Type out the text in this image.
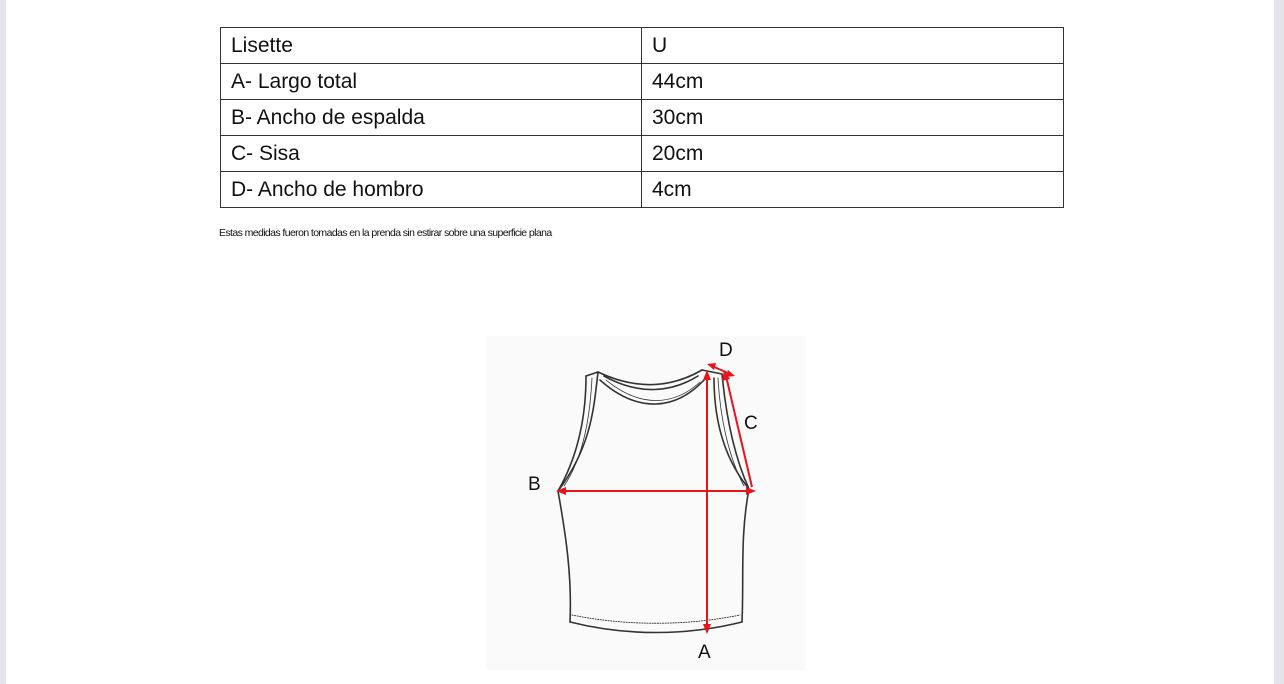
Lisette	U
A- Largo total	44cm
B- Ancho de espalda	30cm
C- Sisa	20cm
D- Ancho de hombro	4cm
Estas medidas fueron tomadas en la prenda sin estirar sobre una superficie plana
D
C
B
A
